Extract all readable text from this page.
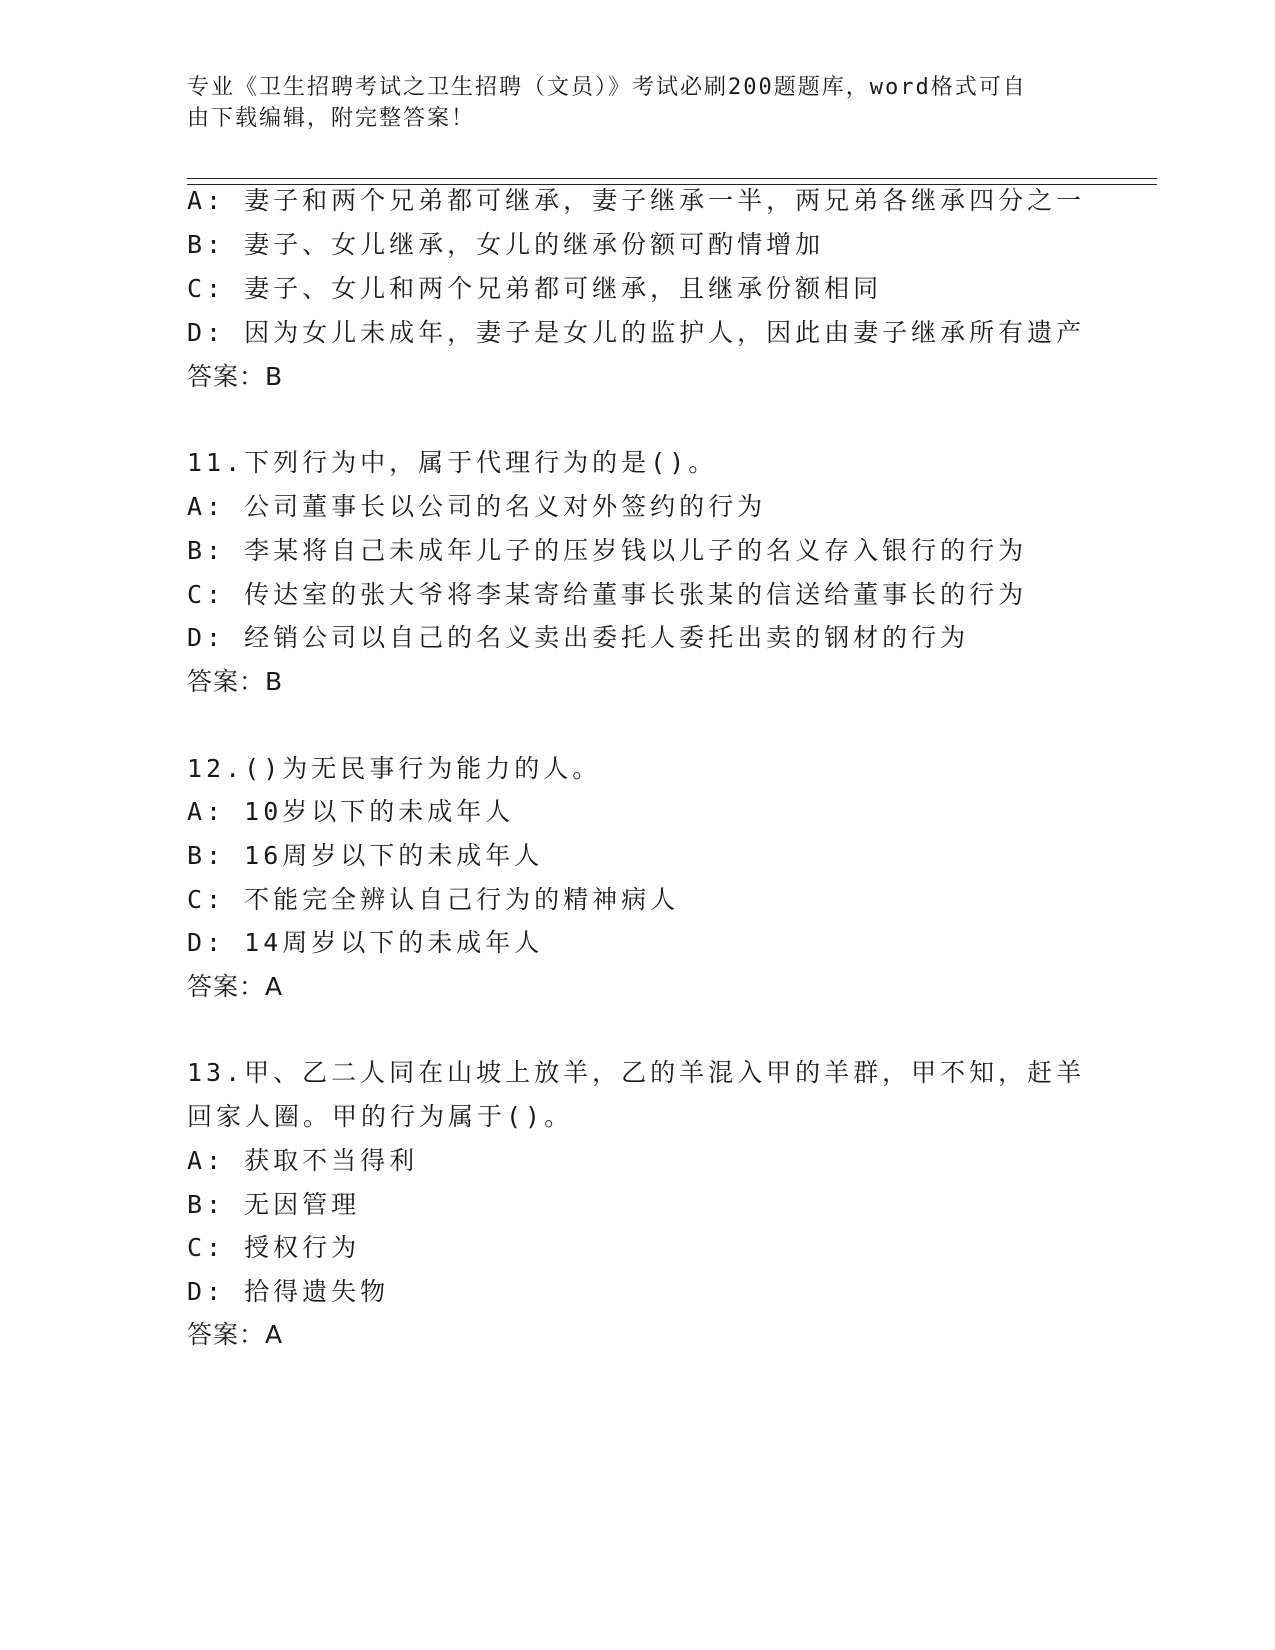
专业《卫生招聘考试之卫生招聘（文员）》考试必刷200题题库，word格式可自
由下载编辑，附完整答案！
A: 妻子和两个兄弟都可继承，妻子继承一半，两兄弟各继承四分之一
B: 妻子、女儿继承，女儿的继承份额可酌情增加
C: 妻子、女儿和两个兄弟都可继承，且继承份额相同
D: 因为女儿未成年，妻子是女儿的监护人，因此由妻子继承所有遗产
答案：B
11.下列行为中，属于代理行为的是()。
A: 公司董事长以公司的名义对外签约的行为
B: 李某将自己未成年儿子的压岁钱以儿子的名义存入银行的行为
C: 传达室的张大爷将李某寄给董事长张某的信送给董事长的行为
D: 经销公司以自己的名义卖出委托人委托出卖的钢材的行为
答案：B
12.()为无民事行为能力的人。
A: 10岁以下的未成年人
B: 16周岁以下的未成年人
C: 不能完全辨认自己行为的精神病人
D: 14周岁以下的未成年人
答案：A
13.甲、乙二人同在山坡上放羊，乙的羊混入甲的羊群，甲不知，赶羊
回家人圈。甲的行为属于()。
A: 获取不当得利
B: 无因管理
C: 授权行为
D: 拾得遗失物
答案：A
